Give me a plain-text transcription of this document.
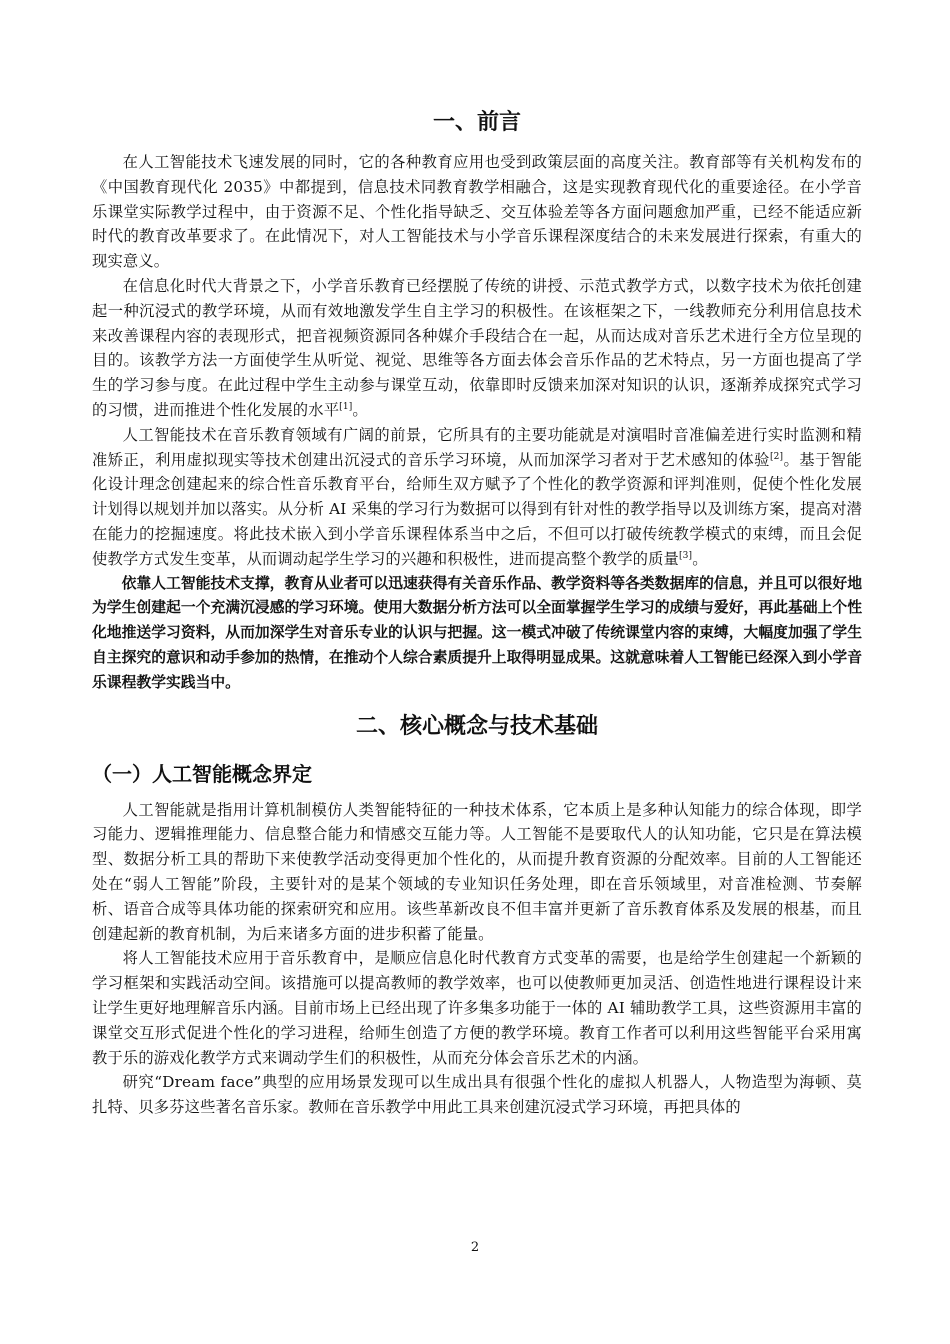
一、前言

在人工智能技术飞速发展的同时，它的各种教育应用也受到政策层面的高度关注。教育部等有关机构发布的《中国教育现代化 2035》中都提到，信息技术同教育教学相融合，这是实现教育现代化的重要途径。在小学音乐课堂实际教学过程中，由于资源不足、个性化指导缺乏、交互体验差等各方面问题愈加严重，已经不能适应新时代的教育改革要求了。在此情况下，对人工智能技术与小学音乐课程深度结合的未来发展进行探索，有重大的现实意义。

在信息化时代大背景之下，小学音乐教育已经摆脱了传统的讲授、示范式教学方式，以数字技术为依托创建起一种沉浸式的教学环境，从而有效地激发学生自主学习的积极性。在该框架之下，一线教师充分利用信息技术来改善课程内容的表现形式，把音视频资源同各种媒介手段结合在一起，从而达成对音乐艺术进行全方位呈现的目的。该教学方法一方面使学生从听觉、视觉、思维等各方面去体会音乐作品的艺术特点，另一方面也提高了学生的学习参与度。在此过程中学生主动参与课堂互动，依靠即时反馈来加深对知识的认识，逐渐养成探究式学习的习惯，进而推进个性化发展的水平[1]。

人工智能技术在音乐教育领域有广阔的前景，它所具有的主要功能就是对演唱时音准偏差进行实时监测和精准矫正，利用虚拟现实等技术创建出沉浸式的音乐学习环境，从而加深学习者对于艺术感知的体验[2]。基于智能化设计理念创建起来的综合性音乐教育平台，给师生双方赋予了个性化的教学资源和评判准则，促使个性化发展计划得以规划并加以落实。从分析 AI 采集的学习行为数据可以得到有针对性的教学指导以及训练方案，提高对潜在能力的挖掘速度。将此技术嵌入到小学音乐课程体系当中之后，不但可以打破传统教学模式的束缚，而且会促使教学方式发生变革，从而调动起学生学习的兴趣和积极性，进而提高整个教学的质量[3]。

依靠人工智能技术支撑，教育从业者可以迅速获得有关音乐作品、教学资料等各类数据库的信息，并且可以很好地为学生创建起一个充满沉浸感的学习环境。使用大数据分析方法可以全面掌握学生学习的成绩与爱好，再此基础上个性化地推送学习资料，从而加深学生对音乐专业的认识与把握。这一模式冲破了传统课堂内容的束缚，大幅度加强了学生自主探究的意识和动手参加的热情，在推动个人综合素质提升上取得明显成果。这就意味着人工智能已经深入到小学音乐课程教学实践当中。

二、核心概念与技术基础
（一）人工智能概念界定

人工智能就是指用计算机制模仿人类智能特征的一种技术体系，它本质上是多种认知能力的综合体现，即学习能力、逻辑推理能力、信息整合能力和情感交互能力等。人工智能不是要取代人的认知功能，它只是在算法模型、数据分析工具的帮助下来使教学活动变得更加个性化的，从而提升教育资源的分配效率。目前的人工智能还处在“弱人工智能”阶段，主要针对的是某个领域的专业知识任务处理，即在音乐领域里，对音准检测、节奏解析、语音合成等具体功能的探索研究和应用。该些革新改良不但丰富并更新了音乐教育体系及发展的根基，而且创建起新的教育机制，为后来诸多方面的进步积蓄了能量。

将人工智能技术应用于音乐教育中，是顺应信息化时代教育方式变革的需要，也是给学生创建起一个新颖的学习框架和实践活动空间。该措施可以提高教师的教学效率，也可以使教师更加灵活、创造性地进行课程设计来让学生更好地理解音乐内涵。目前市场上已经出现了许多集多功能于一体的 AI 辅助教学工具，这些资源用丰富的课堂交互形式促进个性化的学习进程，给师生创造了方便的教学环境。教育工作者可以利用这些智能平台采用寓教于乐的游戏化教学方式来调动学生们的积极性，从而充分体会音乐艺术的内涵。

研究“Dream face”典型的应用场景发现可以生成出具有很强个性化的虚拟人机器人，人物造型为海顿、莫扎特、贝多芬这些著名音乐家。教师在音乐教学中用此工具来创建沉浸式学习环境，再把具体的

2
